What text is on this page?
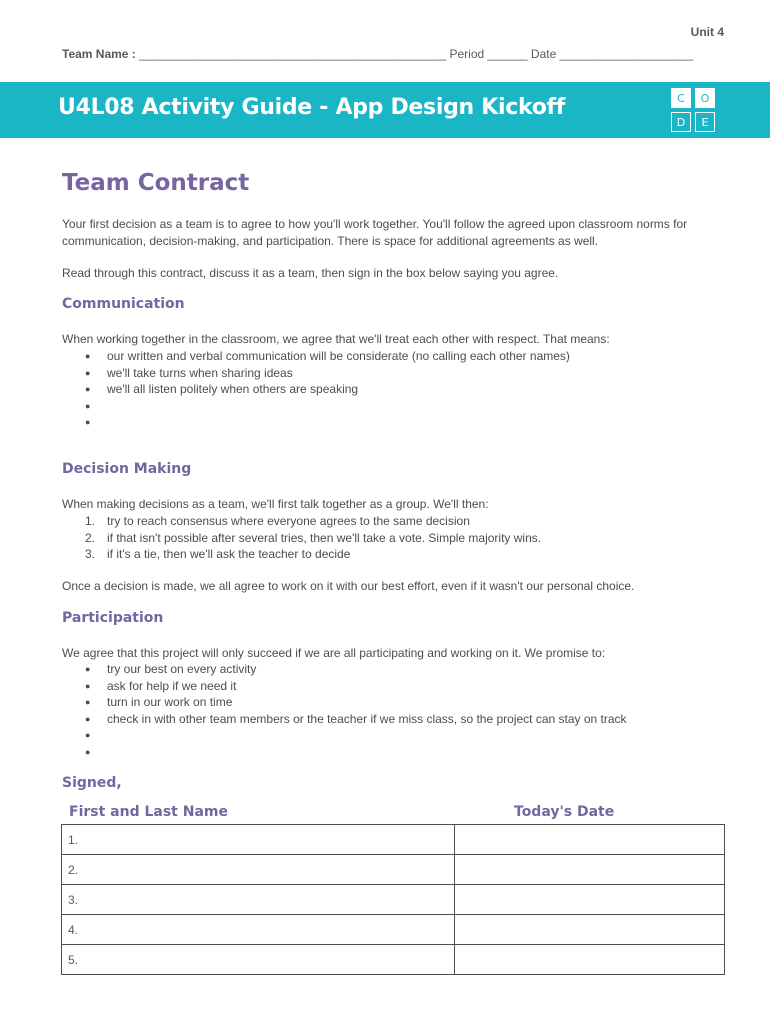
Unit 4
Team Name : ______________________________________________ Period ______ Date ____________________
U4L08 Activity Guide - App Design Kickoff	C	O
D	E
Team Contract
Your first decision as a team is to agree to how you'll work together. You'll follow the agreed upon classroom norms for communication, decision-making, and participation. There is space for additional agreements as well.
Read through this contract, discuss it as a team, then sign in the box below saying you agree.
Communication
When working together in the classroom, we agree that we'll treat each other with respect. That means:
● our written and verbal communication will be considerate (no calling each other names)
● we'll take turns when sharing ideas
● we'll all listen politely when others are speaking
●
●
Decision Making
When making decisions as a team, we'll first talk together as a group. We'll then:
1. try to reach consensus where everyone agrees to the same decision
2. if that isn't possible after several tries, then we'll take a vote. Simple majority wins.
3. if it's a tie, then we'll ask the teacher to decide
Once a decision is made, we all agree to work on it with our best effort, even if it wasn't our personal choice.
Participation
We agree that this project will only succeed if we are all participating and working on it. We promise to:
● try our best on every activity
● ask for help if we need it
● turn in our work on time
● check in with other team members or the teacher if we miss class, so the project can stay on track
●
●
Signed,
First and Last Name	Today's Date
1.	
2.	
3.	
4.	
5.	
